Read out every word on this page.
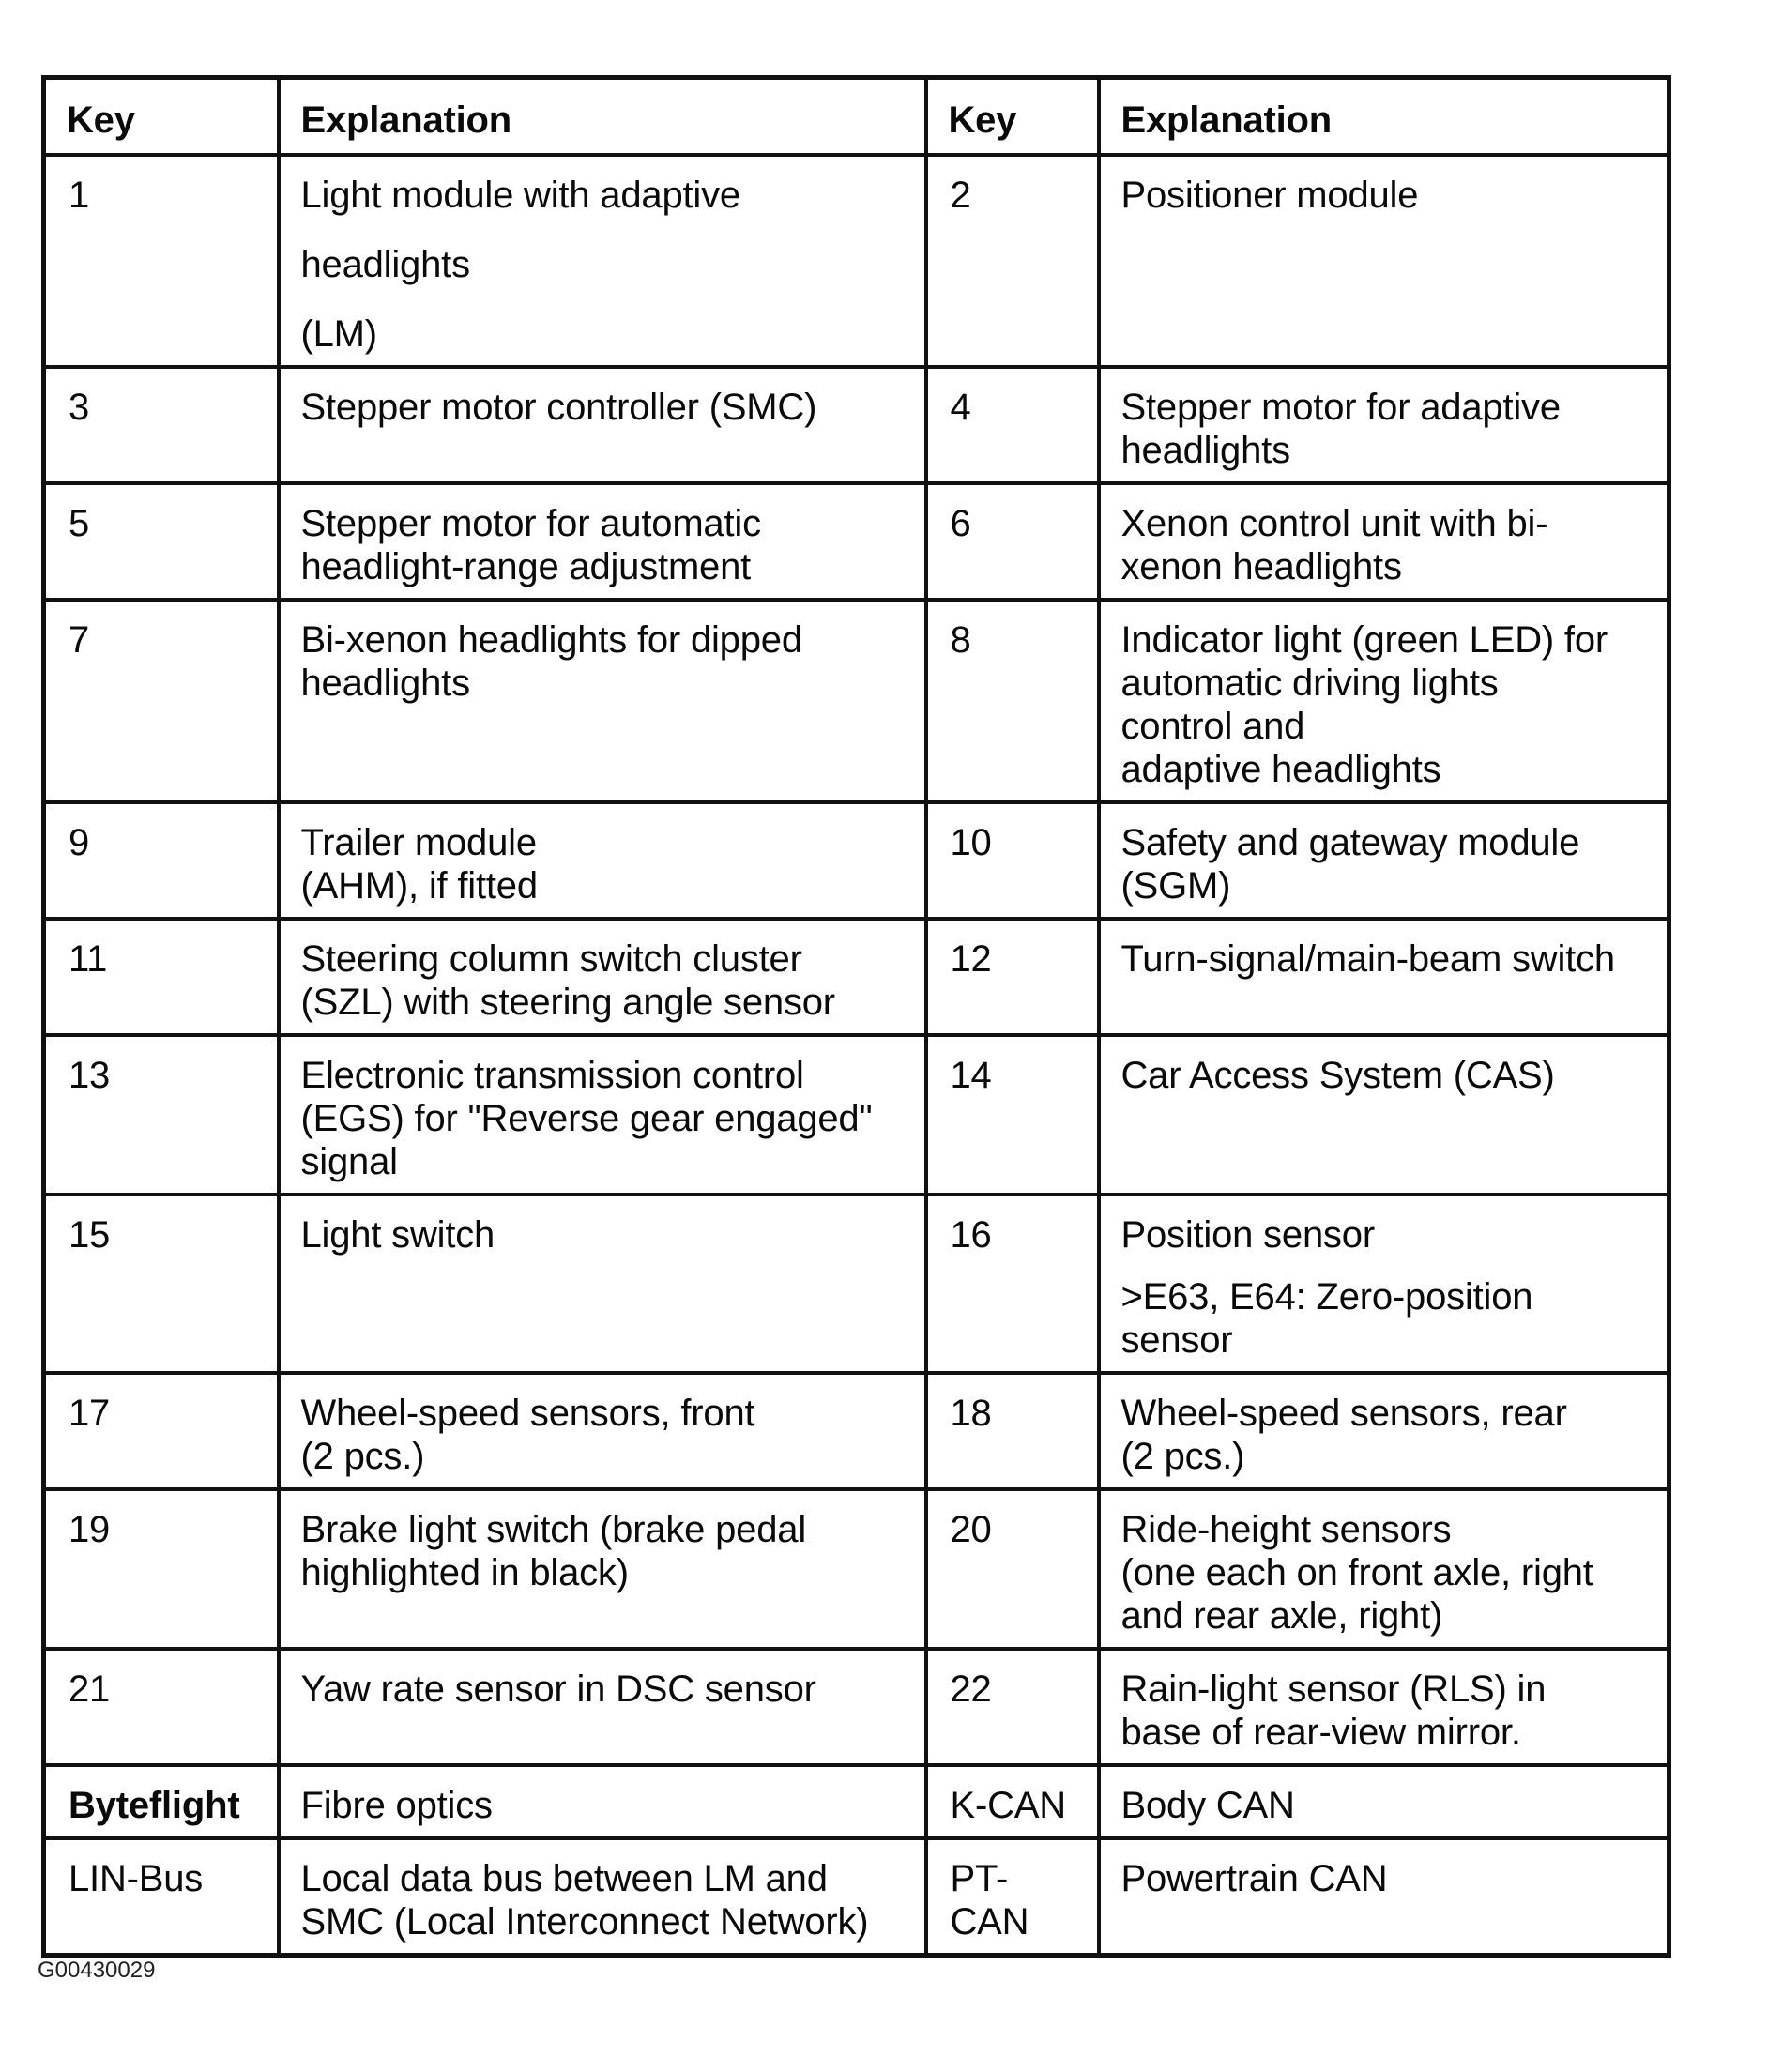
Key	Explanation	Key	Explanation
1	Light module with adaptive
headlights
(LM)	2	Positioner module

3	Stepper motor controller (SMC)	4	Stepper motor for adaptive
headlights

5	Stepper motor for automatic
headlight-range adjustment	6	Xenon control unit with bi-
xenon headlights

7	Bi-xenon headlights for dipped
headlights	8	Indicator light (green LED) for
automatic driving lights
control and
adaptive headlights

9	Trailer module
(AHM), if fitted	10	Safety and gateway module
(SGM)

11	Steering column switch cluster
(SZL) with steering angle sensor	12	Turn-signal/main-beam switch

13	Electronic transmission control
(EGS) for "Reverse gear engaged"
signal	14	Car Access System (CAS)

15	Light switch	16	Position sensor
>E63, E64: Zero-position
sensor

17	Wheel-speed sensors, front
(2 pcs.)	18	Wheel-speed sensors, rear
(2 pcs.)

19	Brake light switch (brake pedal
highlighted in black)	20	Ride-height sensors
(one each on front axle, right
and rear axle, right)

21	Yaw rate sensor in DSC sensor	22	Rain-light sensor (RLS) in
base of rear-view mirror.

Byteflight	Fibre optics	K-CAN	Body CAN

LIN-Bus	Local data bus between LM and
SMC (Local Interconnect Network)	PT-
CAN	Powertrain CAN
G00430029
